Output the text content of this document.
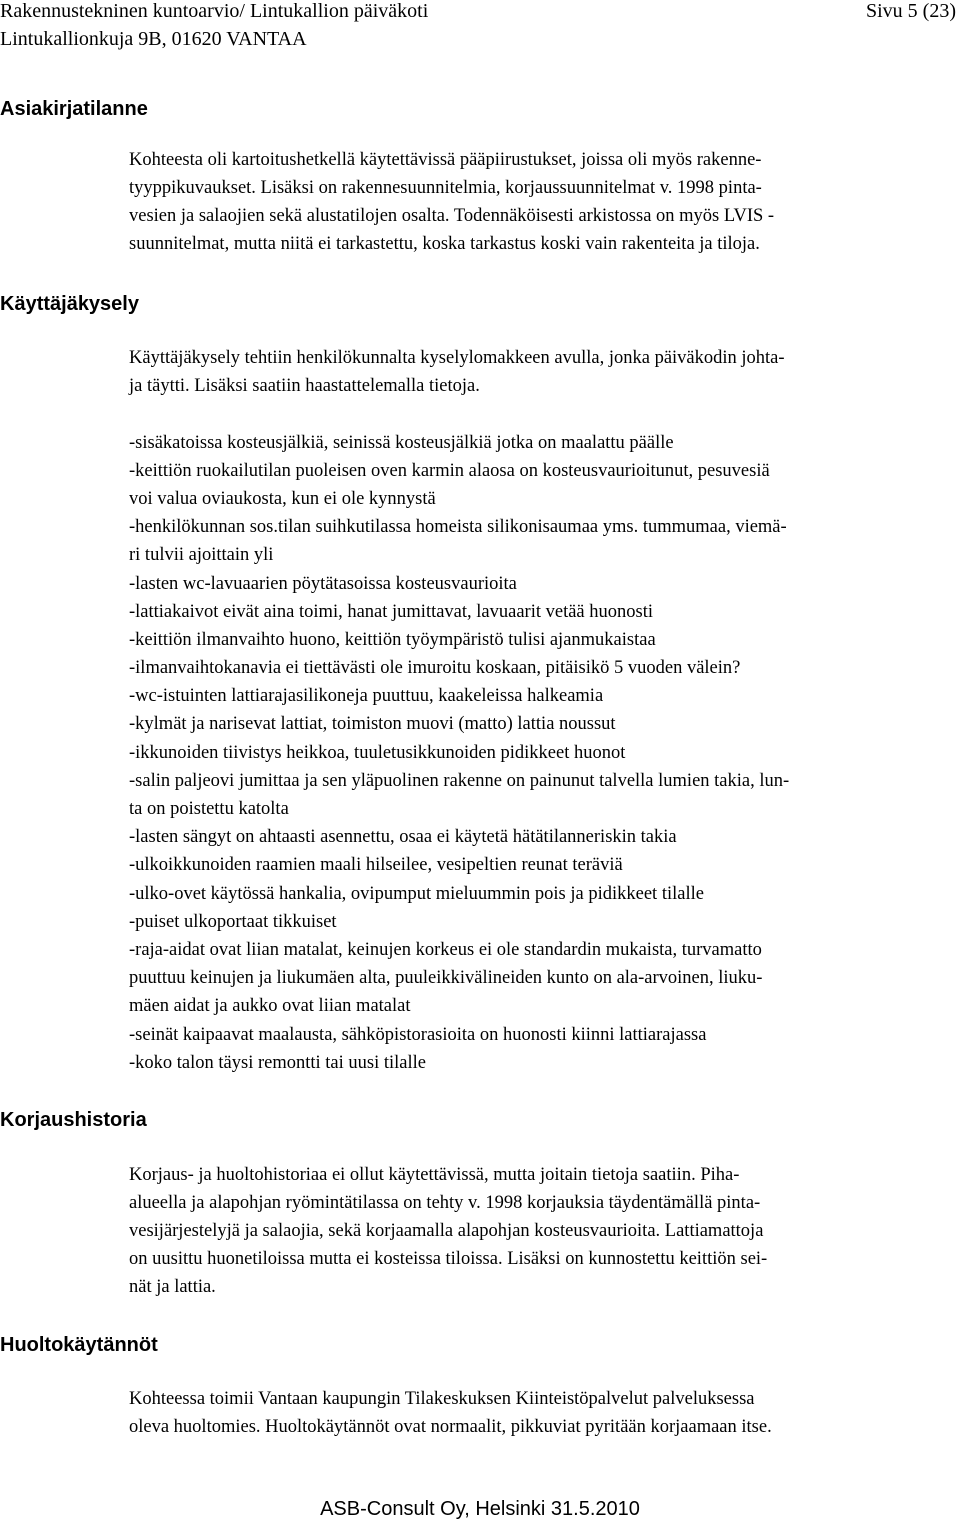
Rakennustekninen kuntoarvio/ Lintukallion päiväkoti
Lintukallionkuja 9B, 01620 VANTAA
Sivu 5 (23)
Asiakirjatilanne
Käyttäjäkysely
Korjaushistoria
Huoltokäytännöt
Kohteesta oli kartoitushetkellä käytettävissä pääpiirustukset, joissa oli myös rakenne-
tyyppikuvaukset. Lisäksi on rakennesuunnitelmia, korjaussuunnitelmat v. 1998 pinta-
vesien ja salaojien sekä alustatilojen osalta. Todennäköisesti arkistossa on myös LVIS -
suunnitelmat, mutta niitä ei tarkastettu, koska tarkastus koski vain rakenteita ja tiloja.
Käyttäjäkysely tehtiin henkilökunnalta kyselylomakkeen avulla, jonka päiväkodin johta-
ja täytti. Lisäksi saatiin haastattelemalla tietoja.
-sisäkatoissa kosteusjälkiä, seinissä kosteusjälkiä jotka on maalattu päälle
-keittiön ruokailutilan puoleisen oven karmin alaosa on kosteusvaurioitunut, pesuvesiä
voi valua oviaukosta, kun ei ole kynnystä
-henkilökunnan sos.tilan suihkutilassa homeista silikonisaumaa yms. tummumaa, viemä-
ri tulvii ajoittain yli
-lasten wc-lavuaarien pöytätasoissa kosteusvaurioita
-lattiakaivot eivät aina toimi, hanat jumittavat, lavuaarit vetää huonosti
-keittiön ilmanvaihto huono, keittiön työympäristö tulisi ajanmukaistaa
-ilmanvaihtokanavia ei tiettävästi ole imuroitu koskaan, pitäisikö 5 vuoden välein?
-wc-istuinten lattiarajasilikoneja puuttuu, kaakeleissa halkeamia
-kylmät ja narisevat lattiat, toimiston muovi (matto) lattia noussut
-ikkunoiden tiivistys heikkoa, tuuletusikkunoiden pidikkeet huonot
-salin paljeovi jumittaa ja sen yläpuolinen rakenne on painunut talvella lumien takia, lun-
ta on poistettu katolta
-lasten sängyt on ahtaasti asennettu, osaa ei käytetä hätätilanneriskin takia
-ulkoikkunoiden raamien maali hilseilee, vesipeltien reunat teräviä
-ulko-ovet käytössä hankalia, ovipumput mieluummin pois ja pidikkeet tilalle
-puiset ulkoportaat tikkuiset
-raja-aidat ovat liian matalat, keinujen korkeus ei ole standardin mukaista, turvamatto
puuttuu keinujen ja liukumäen alta, puuleikkivälineiden kunto on ala-arvoinen, liuku-
mäen aidat ja aukko ovat liian matalat
-seinät kaipaavat maalausta, sähköpistorasioita on huonosti kiinni lattiarajassa
-koko talon täysi remontti tai uusi tilalle
Korjaus- ja huoltohistoriaa ei ollut käytettävissä, mutta joitain tietoja saatiin. Piha-
alueella ja alapohjan ryömintätilassa on tehty v. 1998 korjauksia täydentämällä pinta-
vesijärjestelyjä ja salaojia, sekä korjaamalla alapohjan kosteusvaurioita. Lattiamattoja
on uusittu huonetiloissa mutta ei kosteissa tiloissa. Lisäksi on kunnostettu keittiön sei-
nät ja lattia.
Kohteessa toimii Vantaan kaupungin Tilakeskuksen Kiinteistöpalvelut palveluksessa
oleva huoltomies. Huoltokäytännöt ovat normaalit, pikkuviat pyritään korjaamaan itse.
ASB-Consult Oy, Helsinki 31.5.2010
